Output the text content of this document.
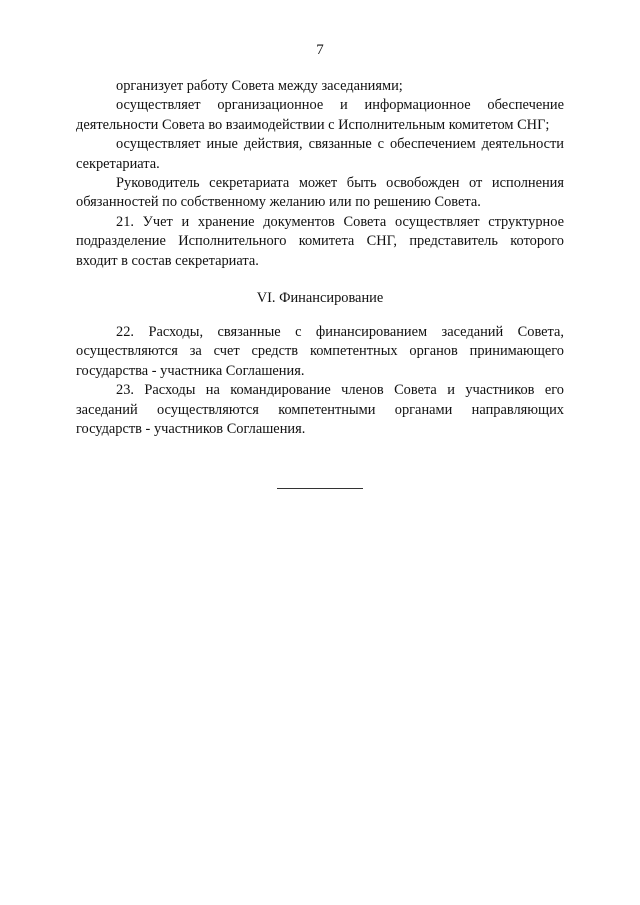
7

организует работу Совета между заседаниями;

осуществляет организационное и информационное обеспечение деятельности Совета во взаимодействии с Исполнительным комитетом СНГ;

осуществляет иные действия, связанные с обеспечением деятельности секретариата.

Руководитель секретариата может быть освобожден от исполнения обязанностей по собственному желанию или по решению Совета.

21. Учет и хранение документов Совета осуществляет структурное подразделение Исполнительного комитета СНГ, представитель которого входит в состав секретариата.

VI. Финансирование

22. Расходы, связанные с финансированием заседаний Совета, осуществляются за счет средств компетентных органов принимающего государства - участника Соглашения.

23. Расходы на командирование членов Совета и участников его заседаний осуществляются компетентными органами направляющих государств - участников Соглашения.
